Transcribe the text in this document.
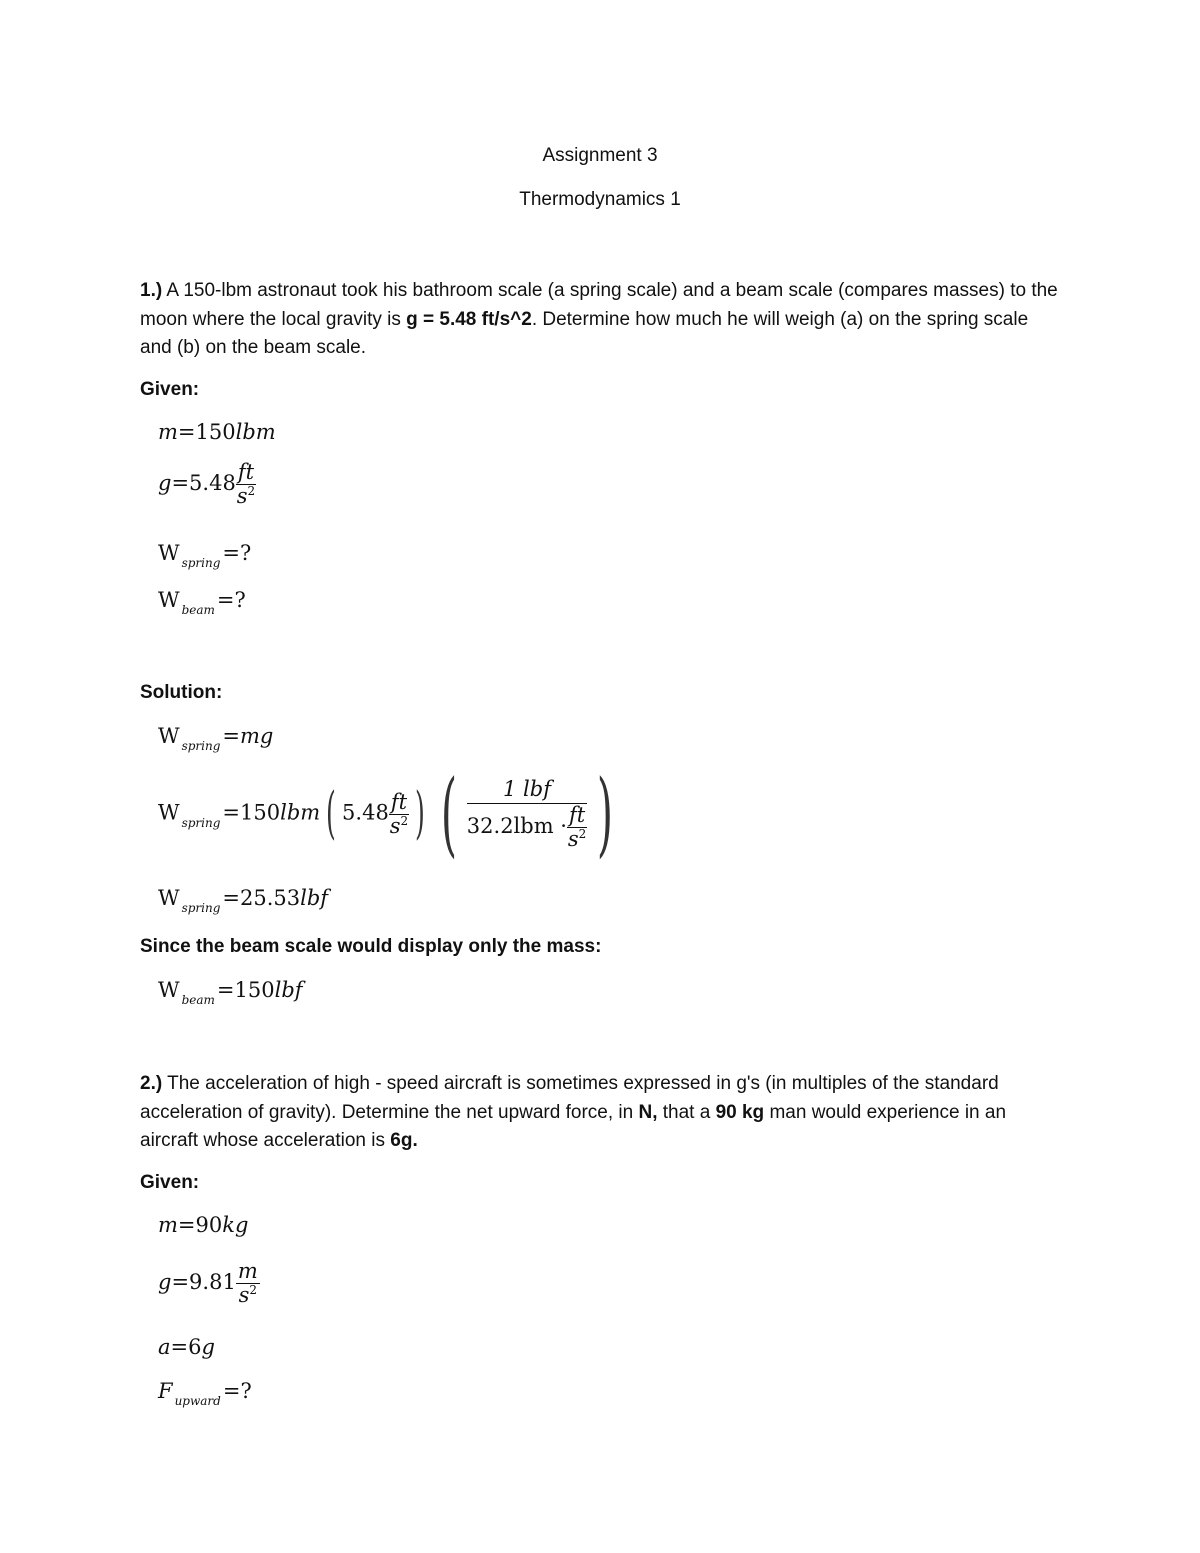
Assignment 3
Thermodynamics 1
1.) A 150-lbm astronaut took his bathroom scale (a spring scale) and a beam scale (compares masses) to the moon where the local gravity is g = 5.48 ft/s^2. Determine how much he will weigh (a) on the spring scale and (b) on the beam scale.
Given:
m=150lbm
$g=5.48 \frac{ft}{s^2}$
W $_{spring}$=?
W $_{beam}$=?
Solution:
W $_{spring}$=mg
W $_{spring}$=150lbm ( $5.48 \frac{ft}{s^2}$ ) ( $\frac{\text{1 lbf}}{32.2lbm \cdot \frac{ft}{s^2}}$ )
W $_{spring}$=25.53lbf
Since the beam scale would display only the mass:
W $_{beam}$=150lbf
2.) The acceleration of high - speed aircraft is sometimes expressed in g's (in multiples of the standard acceleration of gravity). Determine the net upward force, in N, that a 90 kg man would experience in an aircraft whose acceleration is 6g.
Given:
m=90kg
$g=9.81 \frac{m}{s^2}$
a=6g
F $_{upward}$=?
